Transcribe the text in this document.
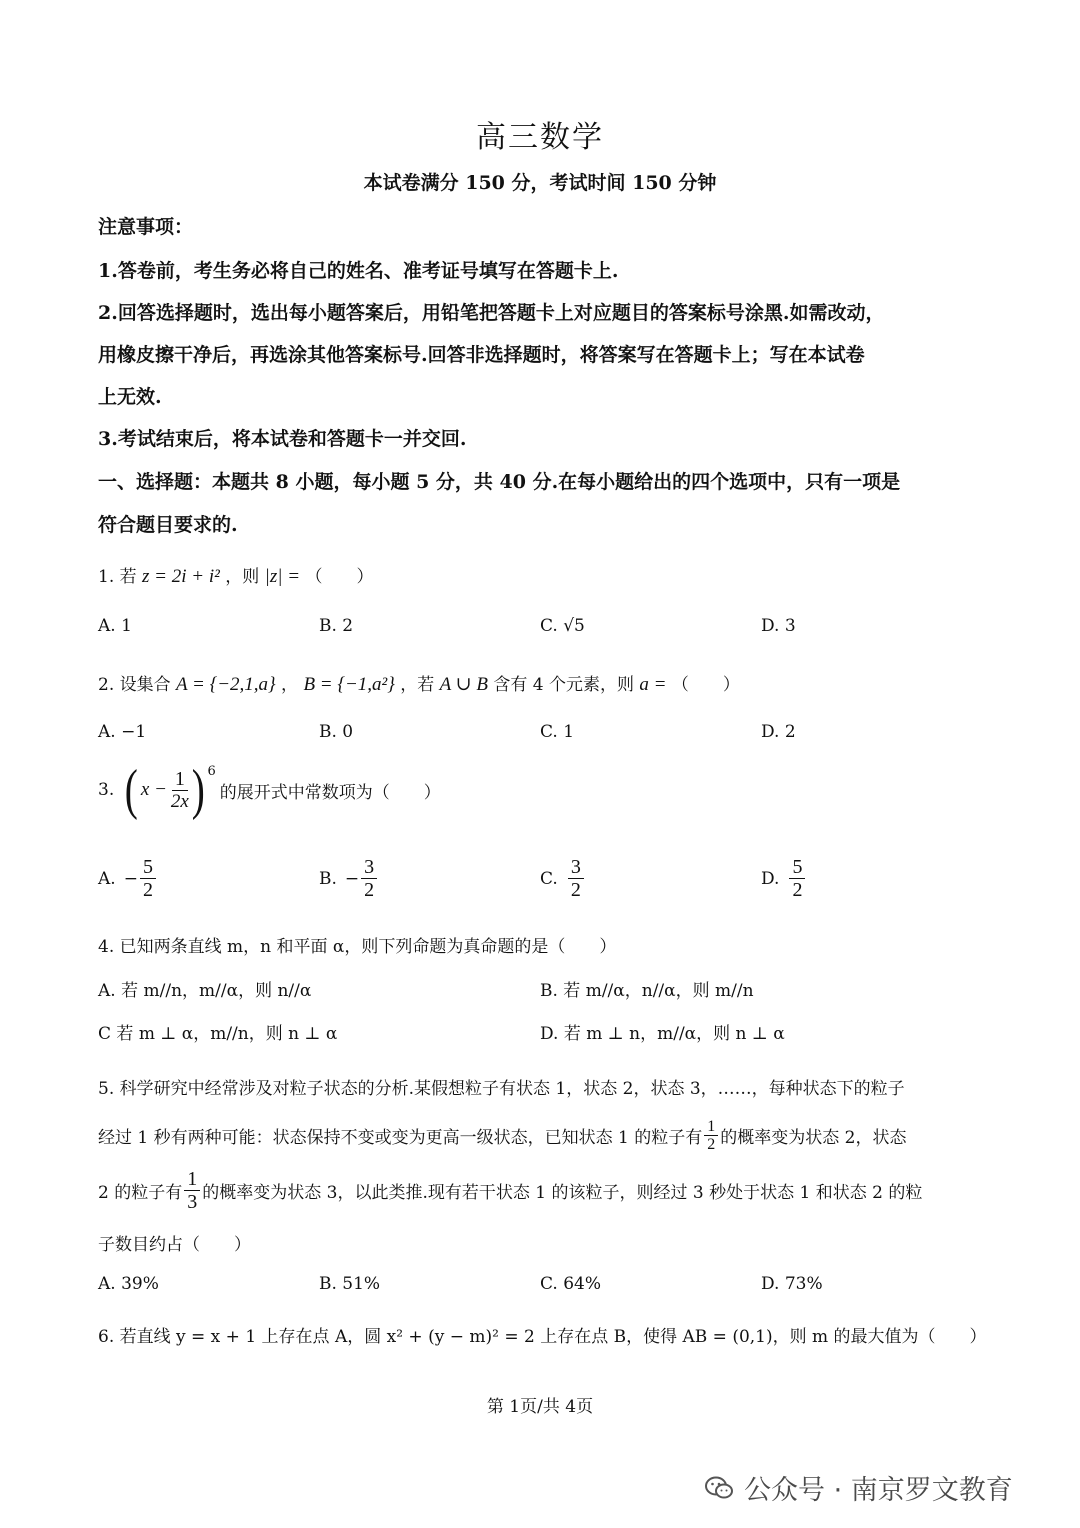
高三数学
本试卷满分 150 分，考试时间 150 分钟
注意事项：
1.答卷前，考生务必将自己的姓名、准考证号填写在答题卡上.
2.回答选择题时，选出每小题答案后，用铅笔把答题卡上对应题目的答案标号涂黑.如需改动，
用橡皮擦干净后，再选涂其他答案标号.回答非选择题时，将答案写在答题卡上；写在本试卷
上无效.
3.考试结束后，将本试卷和答题卡一并交回.
一、选择题：本题共 8 小题，每小题 5 分，共 40 分.在每小题给出的四个选项中，只有一项是
符合题目要求的.
1. 若 z = 2i + i² ，则 |z| = （　　）
A. 1	B. 2	C. √5	D. 3
2. 设集合 A = {−2,1,a} ， B = {−1,a²} ，若 A ∪ B 含有 4 个元素，则 a = （　　）
A. −1	B. 0	C. 1	D. 2
3. ( $x - \frac{1}{2x}$ ) 6
的展开式中常数项为（　　）
A. − $\frac{5}{2}$	B. − $\frac{3}{2}$	C. $\frac{3}{2}$	D. $\frac{5}{2}$
4. 已知两条直线 m，n 和平面 α，则下列命题为真命题的是（　　）
A. 若 m//n，m//α，则 n//α	B. 若 m//α，n//α，则 m//n
C 若 m ⊥ α，m//n，则 n ⊥ α	D. 若 m ⊥ n，m//α，则 n ⊥ α
5. 科学研究中经常涉及对粒子状态的分析.某假想粒子有状态 1，状态 2，状态 3，……，每种状态下的粒子
经过 1 秒有两种可能：状态保持不变或变为更高一级状态，已知状态 1 的粒子有 $\frac{1}{2}$ 的概率变为状态 2，状态
2 的粒子有 $\frac{1}{3}$ 的概率变为状态 3，以此类推.现有若干状态 1 的该粒子，则经过 3 秒处于状态 1 和状态 2 的粒
子数目约占（　　）
A. 39%	B. 51%	C. 64%	D. 73%
6. 若直线 y = x + 1 上存在点 A，圆 x² + (y − m)² = 2 上存在点 B，使得 AB = (0,1)，则 m 的最大值为（　　）
第 1页/共 4页
公众号 · 南京罗文教育
